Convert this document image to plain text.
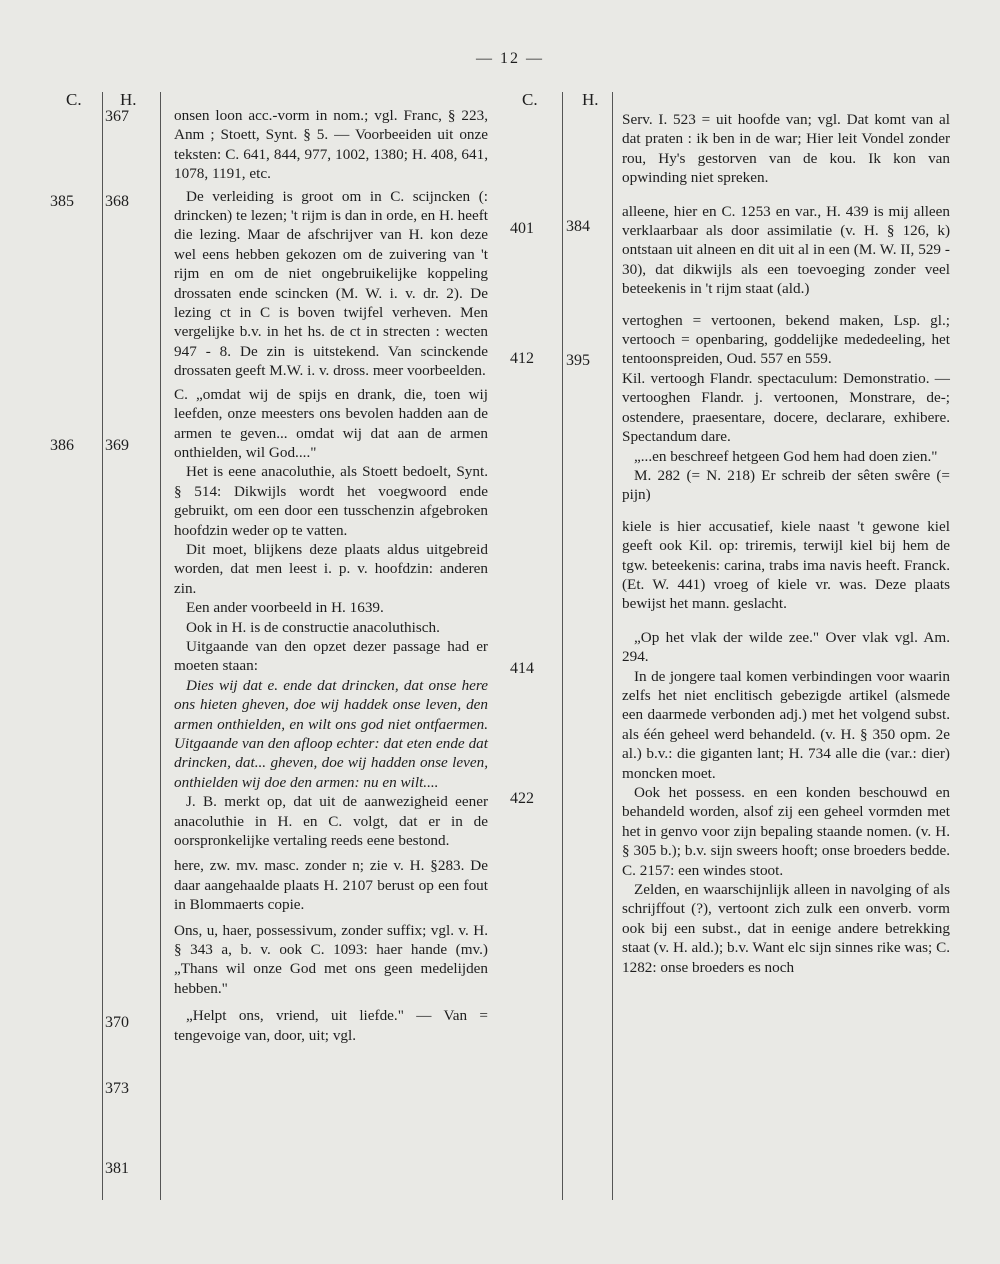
— 12 —
C. H.
367
385 368
386 369
370
373
381

onsen loon acc.-vorm in nom.; vgl. Franc, § 223, Anm ; Stoett, Synt. § 5. — Voorbeeiden uit onze teksten: C. 641, 844, 977, 1002, 1380; H. 408, 641, 1078, 1191, etc.

De verleiding is groot om in C. scijncken (: drincken) te lezen; 't rijm is dan in orde, en H. heeft die lezing. Maar de afschrijver van H. kon deze wel eens hebben gekozen om de zuivering van 't rijm en om de niet ongebruikelijke koppeling drossaten ende scincken (M. W. i. v. dr. 2). De lezing ct in C is boven twijfel verheven. Men vergelijke b.v. in het hs. de ct in strecten : wecten 947 - 8. De zin is uitstekend. Van scinckende drossaten geeft M.W. i. v. dross. meer voorbeelden.

C. „omdat wij de spijs en drank, die, toen wij leefden, onze meesters ons bevolen hadden aan de armen te geven... omdat wij dat aan de armen onthielden, wil God...."

Het is eene anacoluthie, als Stoett bedoelt, Synt. § 514: Dikwijls wordt het voegwoord ende gebruikt, om een door een tusschenzin afgebroken hoofdzin weder op te vatten.

Dit moet, blijkens deze plaats aldus uitgebreid worden, dat men leest i. p. v. hoofdzin: anderen zin.

Een ander voorbeeld in H. 1639.

Ook in H. is de constructie anacoluthisch.

Uitgaande van den opzet dezer passage had er moeten staan:

Dies wij dat e. ende dat drincken, dat onse here ons hieten gheven, doe wij haddek onse leven, den armen onthielden, en wilt ons god niet ontfaermen. Uitgaande van den afloop echter: dat eten ende dat drincken, dat... gheven, doe wij hadden onse leven, onthielden wij doe den armen: nu en wilt....

J. B. merkt op, dat uit de aanwezigheid eener anacoluthie in H. en C. volgt, dat er in de oorspronkelijke vertaling reeds eene bestond.

here, zw. mv. masc. zonder n; zie v. H. §283. De daar aangehaalde plaats H. 2107 berust op een fout in Blommaerts copie.

Ons, u, haer, possessivum, zonder suffix; vgl. v. H. § 343 a, b. v. ook C. 1093: haer hande (mv.) „Thans wil onze God met ons geen medelijden hebben."

„Helpt ons, vriend, uit liefde." — Van = tengevoige van, door, uit; vgl.

C.	H.
401 384
412 395
414
422

Serv. I. 523 = uit hoofde van; vgl. Dat komt van al dat praten : ik ben in de war; Hier leit Vondel zonder rou, Hy's gestorven van de kou. Ik kon van opwinding niet spreken.

alleene, hier en C. 1253 en var., H. 439 is mij alleen verklaarbaar als door assimilatie (v. H. § 126, k) ontstaan uit alneen en dit uit al in een (M. W. II, 529 - 30), dat dikwijls als een toevoeging zonder veel beteekenis in 't rijm staat (ald.)

vertoghen = vertoonen, bekend maken, Lsp. gl.; vertooch = openbaring, goddelijke mededeeling, het tentoonspreiden, Oud. 557 en 559.

Kil. vertoogh Flandr. spectaculum: Demonstratio. — vertooghen Flandr. j. vertoonen, Monstrare, de-; ostendere, praesentare, docere, declarare, exhibere. Spectandum dare.

„...en beschreef hetgeen God hem had doen zien."

M. 282 (= N. 218) Er schreib der sêten swêre (= pijn)

kiele is hier accusatief, kiele naast 't gewone kiel geeft ook Kil. op: triremis, terwijl kiel bij hem de tgw. beteekenis: carina, trabs ima navis heeft. Franck. (Et. W. 441) vroeg of kiele vr. was. Deze plaats bewijst het mann. geslacht.

„Op het vlak der wilde zee." Over vlak vgl. Am. 294.

In de jongere taal komen verbindingen voor waarin zelfs het niet enclitisch gebezigde artikel (alsmede een daarmede verbonden adj.) met het volgend subst. als één geheel werd behandeld. (v. H. § 350 opm. 2e al.) b.v.: die giganten lant; H. 734 alle die (var.: dier) moncken moet.

Ook het possess. en een konden beschouwd en behandeld worden, alsof zij een geheel vormden met het in genvo voor zijn bepaling staande nomen. (v. H. § 305 b.); b.v. sijn sweers hooft; onse broeders bedde. C. 2157: een windes stoot.

Zelden, en waarschijnlijk alleen in navolging of als schrijffout (?), vertoont zich zulk een onverb. vorm ook bij een subst., dat in eenige andere betrekking staat (v. H. ald.); b.v. Want elc sijn sinnes rike was; C. 1282: onse broeders es noch
